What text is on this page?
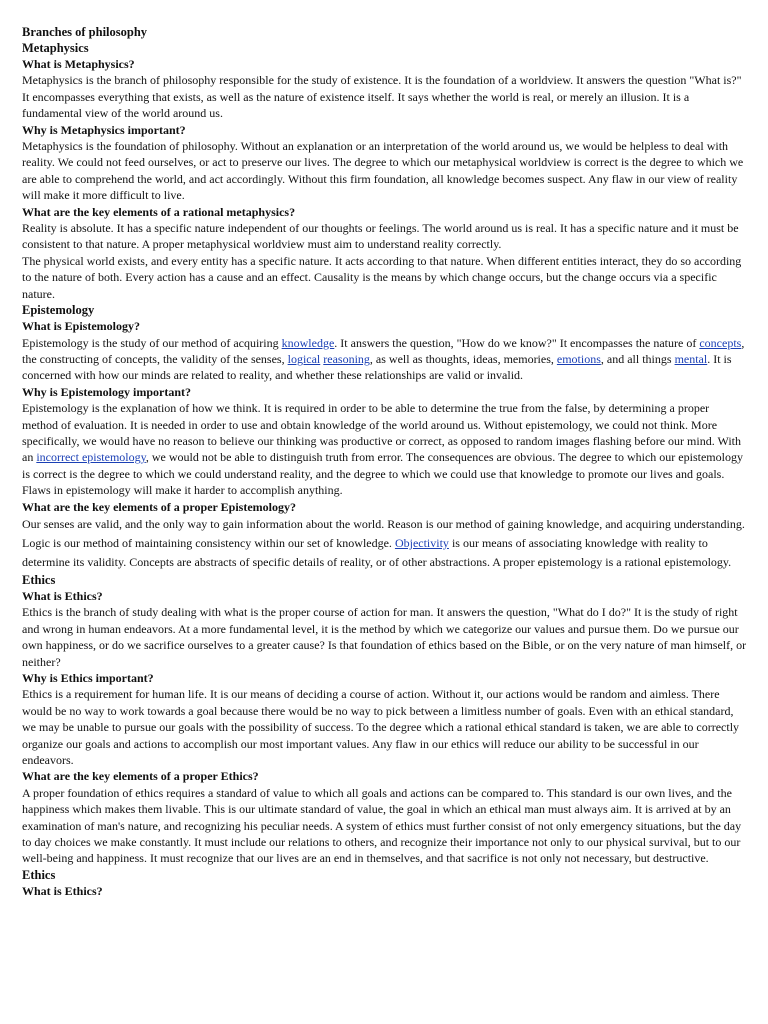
Branches of philosophy
Metaphysics
What is Metaphysics?

Metaphysics is the branch of philosophy responsible for the study of existence. It is the foundation of a worldview. It answers the question "What is?" It encompasses everything that exists, as well as the nature of existence itself. It says whether the world is real, or merely an illusion. It is a fundamental view of the world around us.

Why is Metaphysics important?

Metaphysics is the foundation of philosophy. Without an explanation or an interpretation of the world around us, we would be helpless to deal with reality. We could not feed ourselves, or act to preserve our lives. The degree to which our metaphysical worldview is correct is the degree to which we are able to comprehend the world, and act accordingly. Without this firm foundation, all knowledge becomes suspect. Any flaw in our view of reality will make it more difficult to live.

What are the key elements of a rational metaphysics?

Reality is absolute. It has a specific nature independent of our thoughts or feelings. The world around us is real. It has a specific nature and it must be consistent to that nature. A proper metaphysical worldview must aim to understand reality correctly.

The physical world exists, and every entity has a specific nature. It acts according to that nature. When different entities interact, they do so according to the nature of both. Every action has a cause and an effect. Causality is the means by which change occurs, but the change occurs via a specific nature.

Epistemology
What is Epistemology?

Epistemology is the study of our method of acquiring knowledge. It answers the question, "How do we know?" It encompasses the nature of concepts, the constructing of concepts, the validity of the senses, logical reasoning, as well as thoughts, ideas, memories, emotions, and all things mental. It is concerned with how our minds are related to reality, and whether these relationships are valid or invalid.

Why is Epistemology important?

Epistemology is the explanation of how we think. It is required in order to be able to determine the true from the false, by determining a proper method of evaluation. It is needed in order to use and obtain knowledge of the world around us. Without epistemology, we could not think. More specifically, we would have no reason to believe our thinking was productive or correct, as opposed to random images flashing before our mind. With an incorrect epistemology, we would not be able to distinguish truth from error. The consequences are obvious. The degree to which our epistemology is correct is the degree to which we could understand reality, and the degree to which we could use that knowledge to promote our lives and goals. Flaws in epistemology will make it harder to accomplish anything.

What are the key elements of a proper Epistemology?

Our senses are valid, and the only way to gain information about the world. Reason is our method of gaining knowledge, and acquiring understanding. Logic is our method of maintaining consistency within our set of knowledge. Objectivity is our means of associating knowledge with reality to determine its validity. Concepts are abstracts of specific details of reality, or of other abstractions. A proper epistemology is a rational epistemology.

Ethics
What is Ethics?

Ethics is the branch of study dealing with what is the proper course of action for man. It answers the question, "What do I do?" It is the study of right and wrong in human endeavors. At a more fundamental level, it is the method by which we categorize our values and pursue them. Do we pursue our own happiness, or do we sacrifice ourselves to a greater cause? Is that foundation of ethics based on the Bible, or on the very nature of man himself, or neither?

Why is Ethics important?

Ethics is a requirement for human life. It is our means of deciding a course of action. Without it, our actions would be random and aimless. There would be no way to work towards a goal because there would be no way to pick between a limitless number of goals. Even with an ethical standard, we may be unable to pursue our goals with the possibility of success. To the degree which a rational ethical standard is taken, we are able to correctly organize our goals and actions to accomplish our most important values. Any flaw in our ethics will reduce our ability to be successful in our endeavors.

What are the key elements of a proper Ethics?

A proper foundation of ethics requires a standard of value to which all goals and actions can be compared to. This standard is our own lives, and the happiness which makes them livable. This is our ultimate standard of value, the goal in which an ethical man must always aim. It is arrived at by an examination of man's nature, and recognizing his peculiar needs. A system of ethics must further consist of not only emergency situations, but the day to day choices we make constantly. It must include our relations to others, and recognize their importance not only to our physical survival, but to our well-being and happiness. It must recognize that our lives are an end in themselves, and that sacrifice is not only not necessary, but destructive.

Ethics
What is Ethics?
